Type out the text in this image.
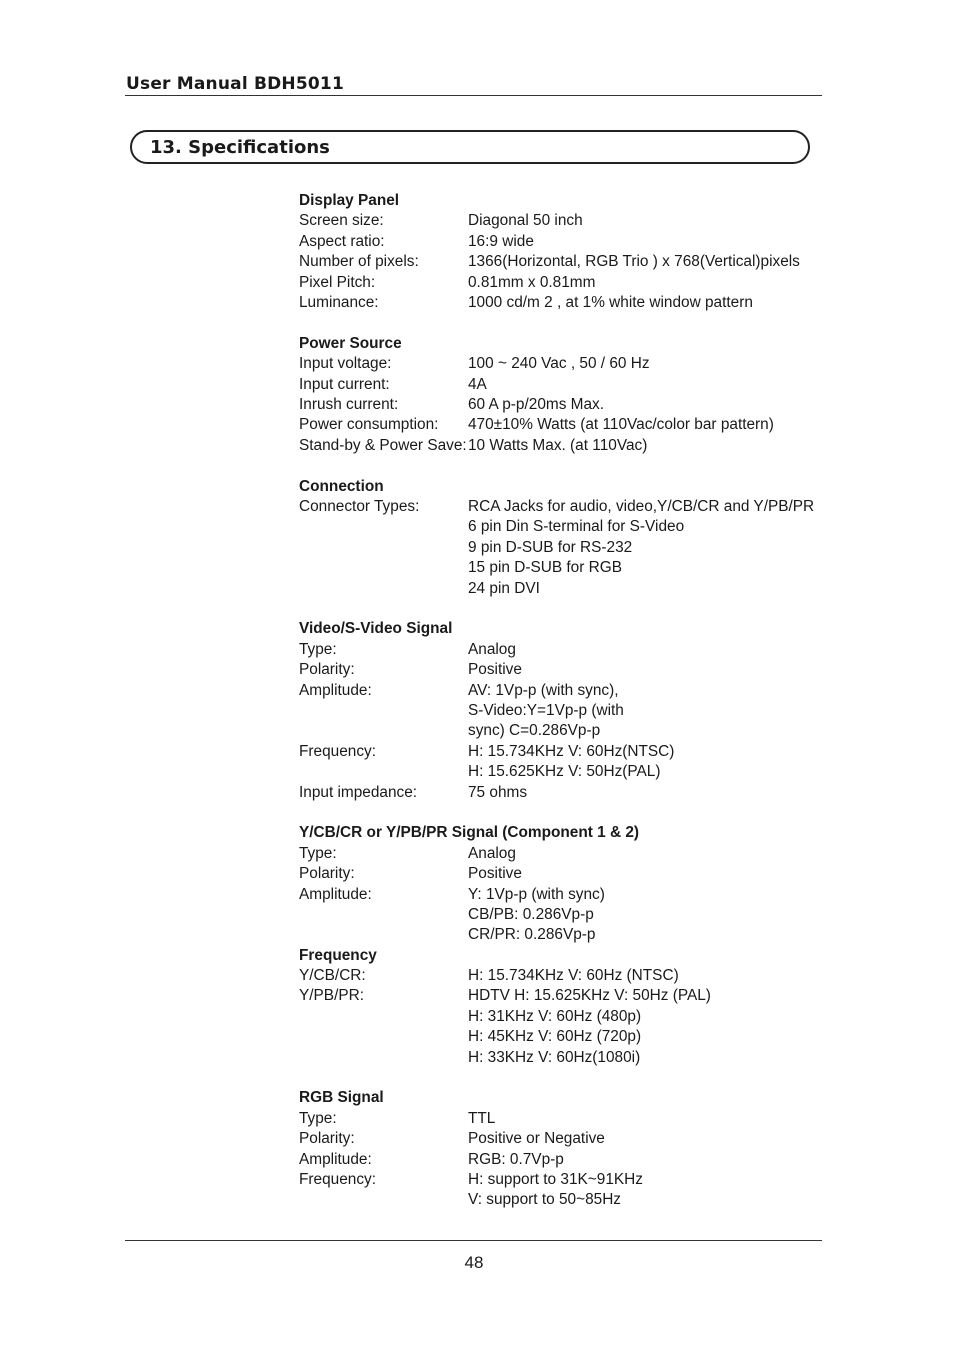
User Manual BDH5011
13. Specifications
Display Panel
Screen size:	Diagonal 50 inch
Aspect ratio:	16:9 wide
Number of pixels:	1366(Horizontal, RGB Trio ) x 768(Vertical)pixels
Pixel Pitch:	0.81mm x 0.81mm
Luminance:	1000 cd/m 2 , at 1% white window pattern
Power Source
Input voltage:	100 ~ 240 Vac , 50 / 60 Hz
Input current:	4A
Inrush current:	60 A p-p/20ms Max.
Power consumption:	470±10% Watts (at 110Vac/color bar pattern)
Stand-by & Power Save: 10 Watts Max. (at 110Vac)
Connection
Connector Types:	RCA Jacks for audio, video,Y/CB/CR and Y/PB/PR
6 pin Din S-terminal for S-Video
9 pin D-SUB for RS-232
15 pin D-SUB for RGB
24 pin DVI
Video/S-Video Signal
Type:	Analog
Polarity:	Positive
Amplitude:	AV: 1Vp-p (with sync),
S-Video:Y=1Vp-p (with
sync) C=0.286Vp-p
Frequency:	H: 15.734KHz V: 60Hz(NTSC)
H: 15.625KHz V: 50Hz(PAL)
Input impedance:	75 ohms
Y/CB/CR or Y/PB/PR Signal (Component 1 & 2)
Type:	Analog
Polarity:	Positive
Amplitude:	Y: 1Vp-p (with sync)
CB/PB: 0.286Vp-p
CR/PR: 0.286Vp-p
Frequency
Y/CB/CR:	H: 15.734KHz V: 60Hz (NTSC)
Y/PB/PR:	HDTV H: 15.625KHz V: 50Hz (PAL)
H: 31KHz V: 60Hz (480p)
H: 45KHz V: 60Hz (720p)
H: 33KHz V: 60Hz(1080i)
RGB Signal
Type:	TTL
Polarity:	Positive or Negative
Amplitude:	RGB: 0.7Vp-p
Frequency:	H: support to 31K~91KHz
V: support to 50~85Hz
48
